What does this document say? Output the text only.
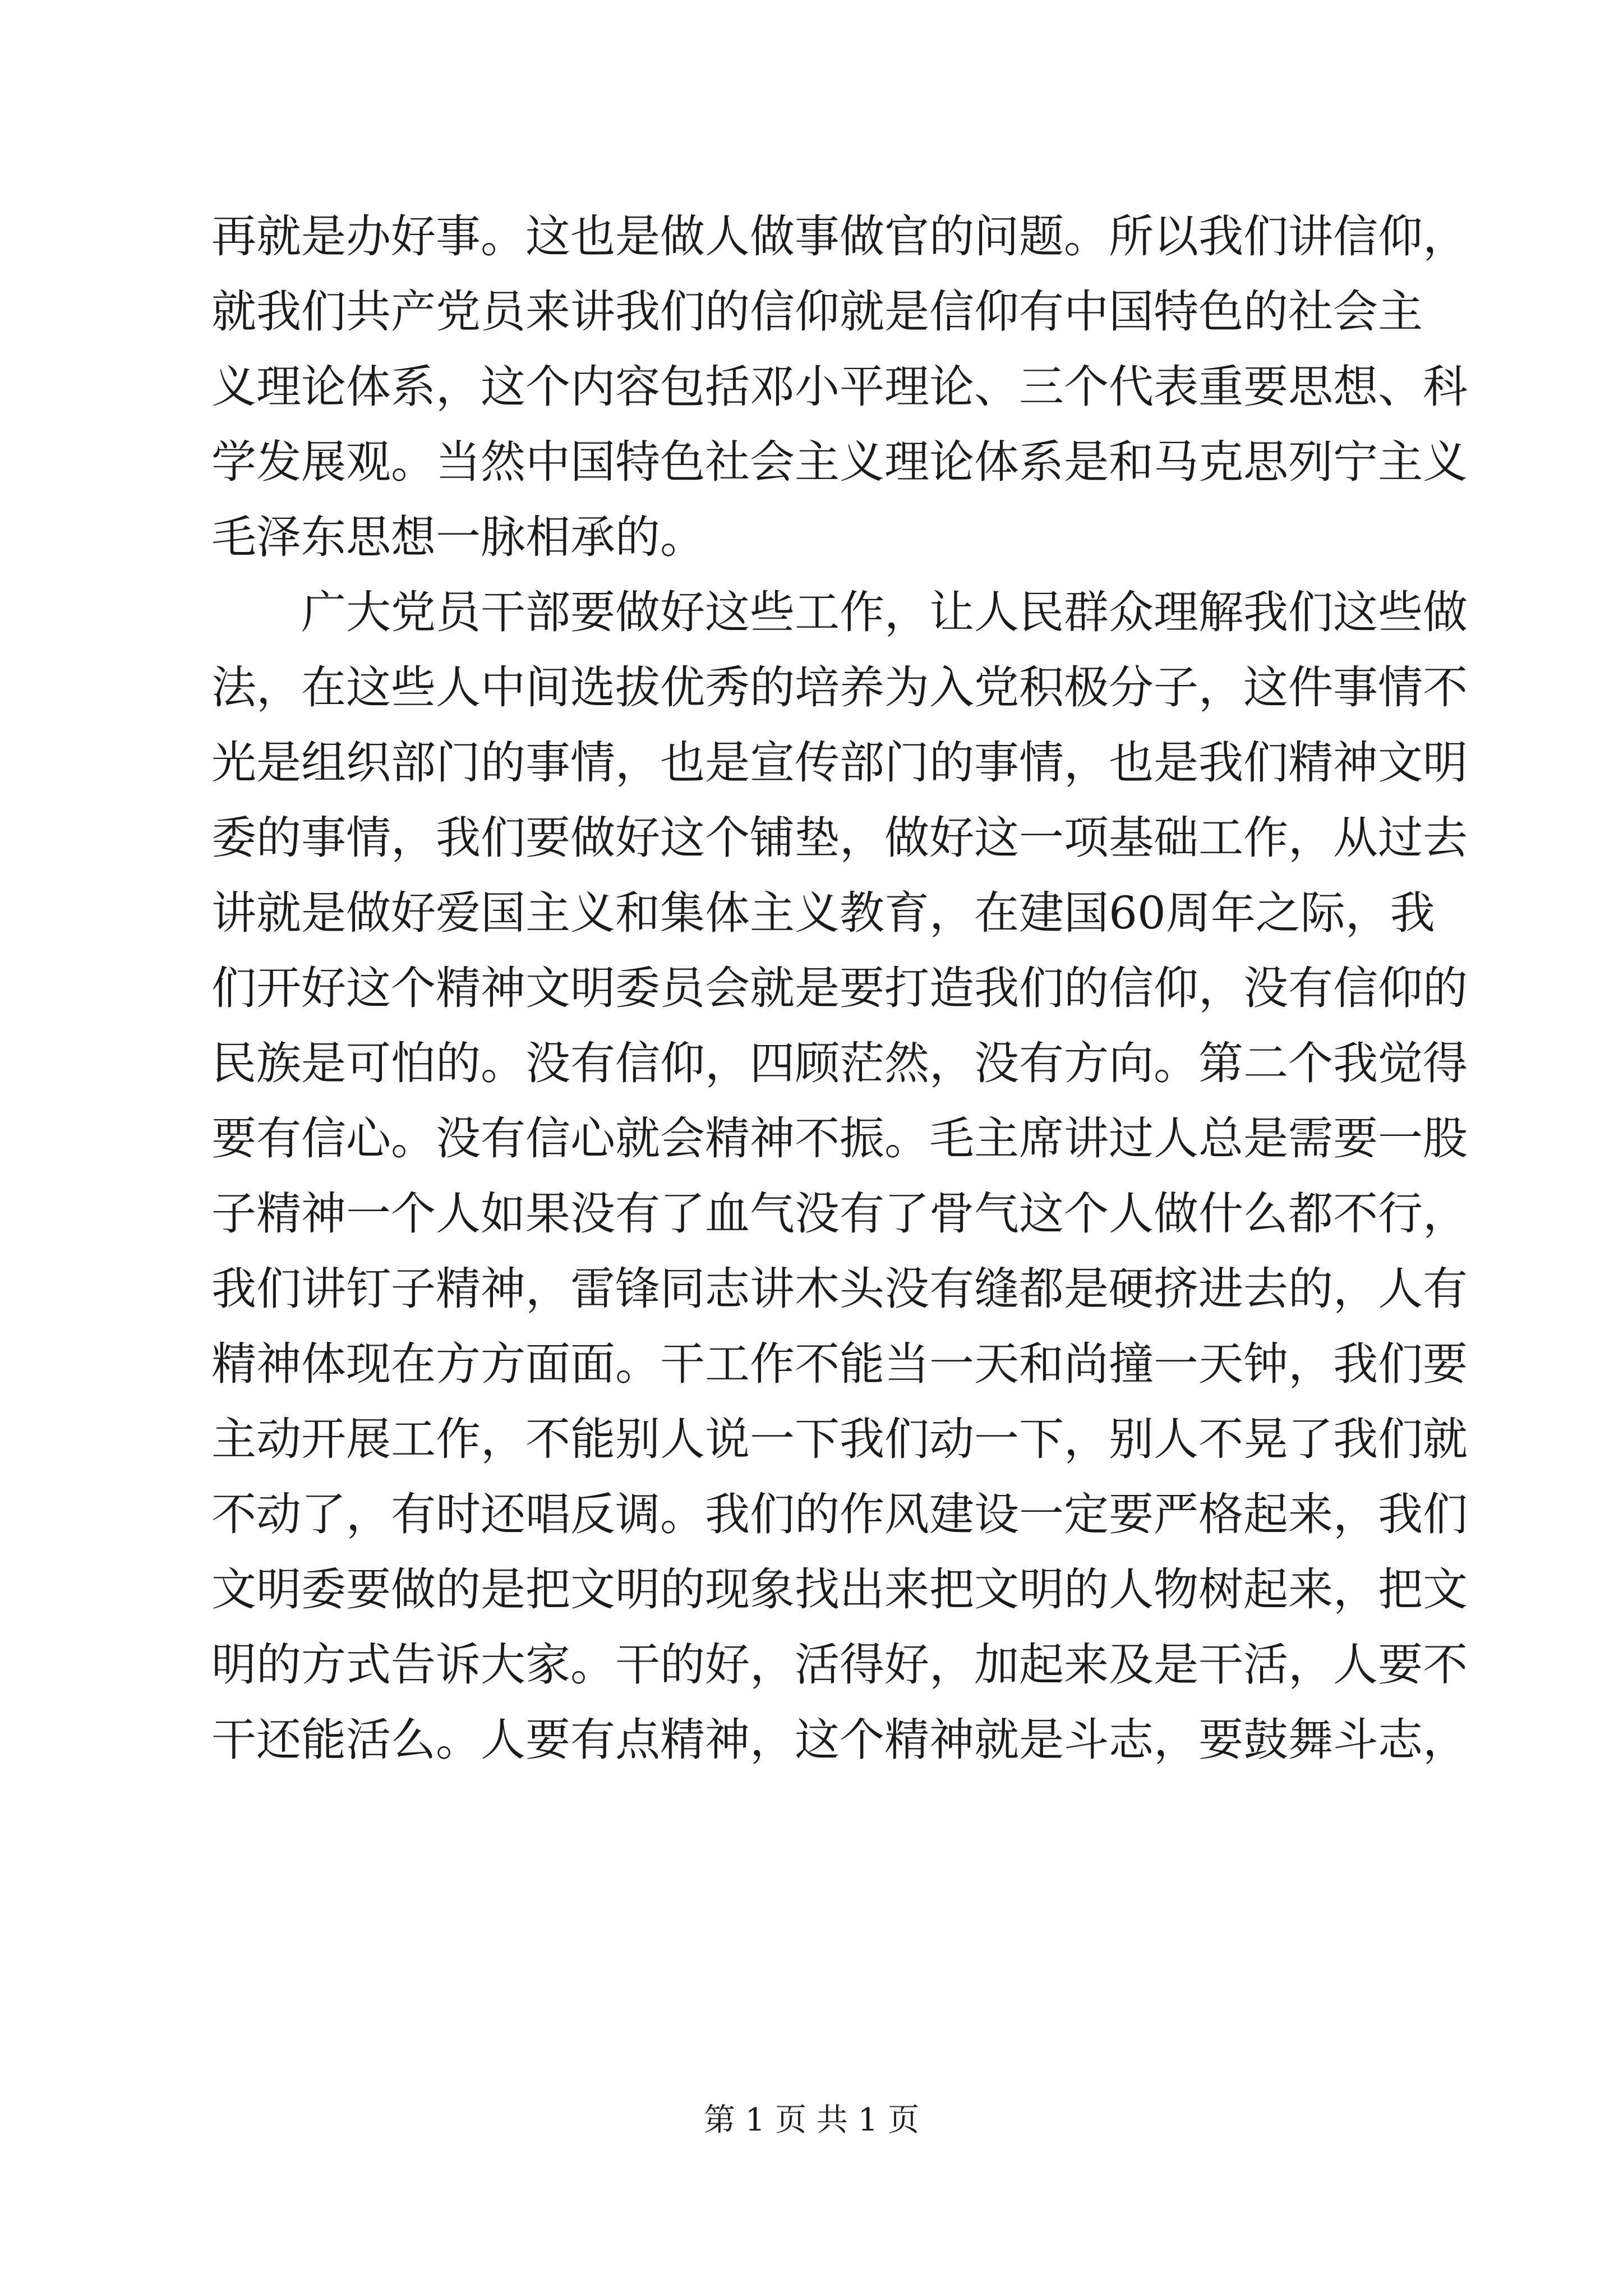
再就是办好事。这也是做人做事做官的问题。所以我们讲信仰，
就我们共产党员来讲我们的信仰就是信仰有中国特色的社会主
义理论体系，这个内容包括邓小平理论、三个代表重要思想、科
学发展观。当然中国特色社会主义理论体系是和马克思列宁主义
毛泽东思想一脉相承的。
　　广大党员干部要做好这些工作，让人民群众理解我们这些做
法，在这些人中间选拔优秀的培养为入党积极分子，这件事情不
光是组织部门的事情，也是宣传部门的事情，也是我们精神文明
委的事情，我们要做好这个铺垫，做好这一项基础工作，从过去
讲就是做好爱国主义和集体主义教育，在建国60周年之际，我
们开好这个精神文明委员会就是要打造我们的信仰，没有信仰的
民族是可怕的。没有信仰，四顾茫然，没有方向。第二个我觉得
要有信心。没有信心就会精神不振。毛主席讲过人总是需要一股
子精神一个人如果没有了血气没有了骨气这个人做什么都不行，
我们讲钉子精神，雷锋同志讲木头没有缝都是硬挤进去的，人有
精神体现在方方面面。干工作不能当一天和尚撞一天钟，我们要
主动开展工作，不能别人说一下我们动一下，别人不晃了我们就
不动了，有时还唱反调。我们的作风建设一定要严格起来，我们
文明委要做的是把文明的现象找出来把文明的人物树起来，把文
明的方式告诉大家。干的好，活得好，加起来及是干活，人要不
干还能活么。人要有点精神，这个精神就是斗志，要鼓舞斗志，
第 1 页 共 1 页
